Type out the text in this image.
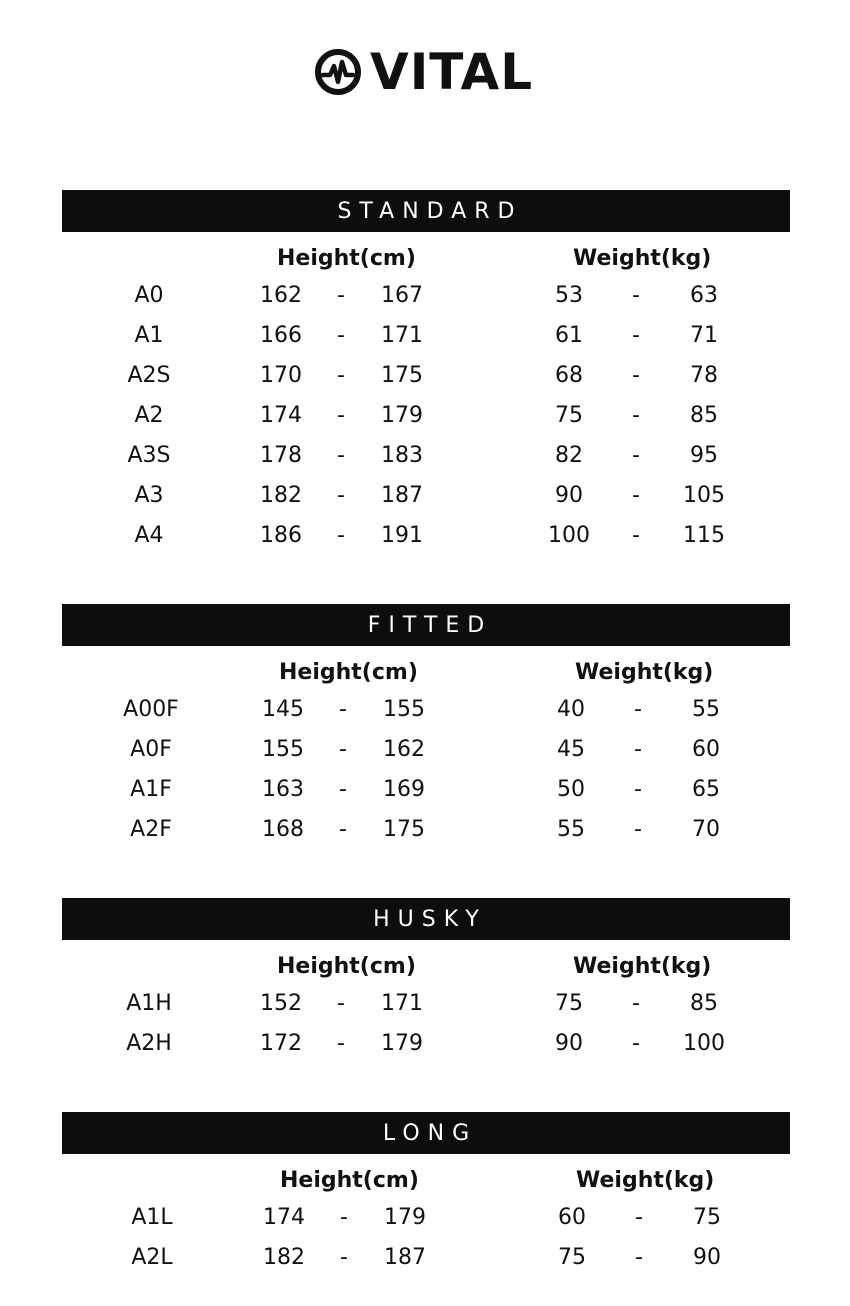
VITAL
STANDARD
Height(cm)	Weight(kg)
A0	162	-	167	53	-	63
A1	166	-	171	61	-	71
A2S	170	-	175	68	-	78
A2	174	-	179	75	-	85
A3S	178	-	183	82	-	95
A3	182	-	187	90	-	105
A4	186	-	191	100	-	115
FITTED
Height(cm)	Weight(kg)
A00F	145	-	155	40	-	55
A0F	155	-	162	45	-	60
A1F	163	-	169	50	-	65
A2F	168	-	175	55	-	70
HUSKY
Height(cm)	Weight(kg)
A1H	152	-	171	75	-	85
A2H	172	-	179	90	-	100
LONG
Height(cm)	Weight(kg)
A1L	174	-	179	60	-	75
A2L	182	-	187	75	-	90
